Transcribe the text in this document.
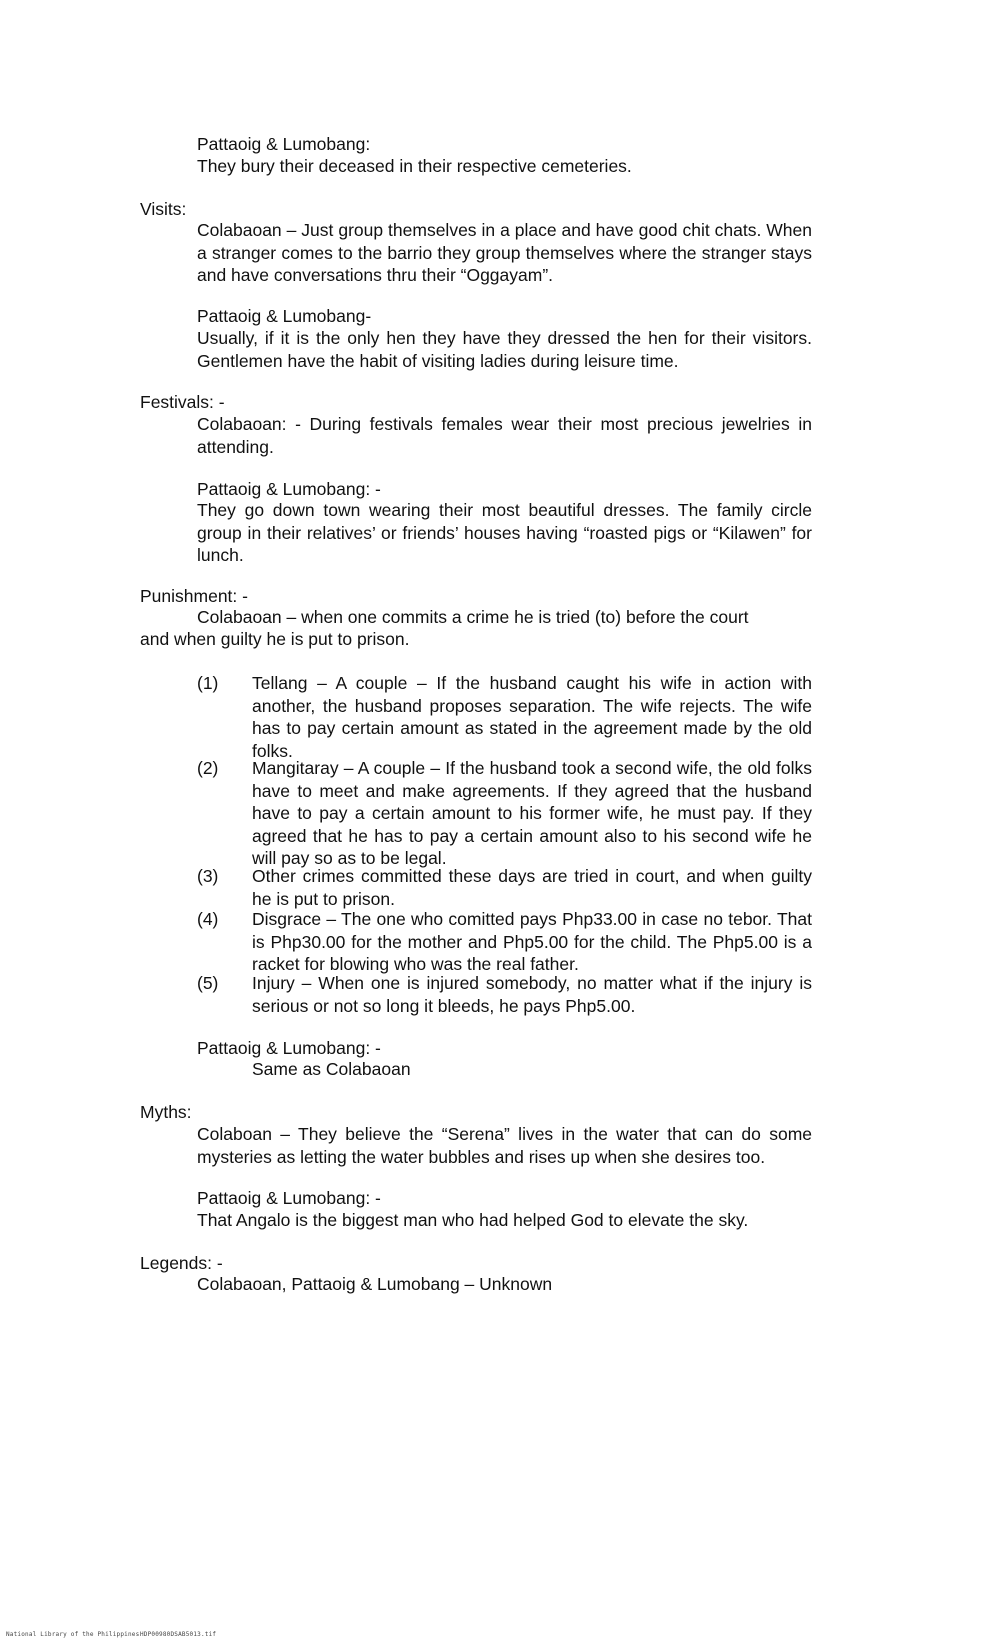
Pattaoig & Lumobang:
They bury their deceased in their respective cemeteries.
Visits:
Colabaoan – Just group themselves in a place and have good chit chats. When a stranger comes to the barrio they group themselves where the stranger stays and have conversations thru their “Oggayam”.
Pattaoig & Lumobang-
Usually, if it is the only hen they have they dressed the hen for their visitors. Gentlemen have the habit of visiting ladies during leisure time.
Festivals: -
Colabaoan: - During festivals females wear their most precious jewelries in attending.
Pattaoig & Lumobang: -
They go down town wearing their most beautiful dresses. The family circle group in their relatives’ or friends’ houses having “roasted pigs or “Kilawen” for lunch.
Punishment: -
Colabaoan – when one commits a crime he is tried (to) before the court
and when guilty he is put to prison.
(1) Tellang – A couple – If the husband caught his wife in action with another, the husband proposes separation. The wife rejects. The wife has to pay certain amount as stated in the agreement made by the old folks.
(2) Mangitaray – A couple – If the husband took a second wife, the old folks have to meet and make agreements. If they agreed that the husband have to pay a certain amount to his former wife, he must pay. If they agreed that he has to pay a certain amount also to his second wife he will pay so as to be legal.
(3) Other crimes committed these days are tried in court, and when guilty he is put to prison.
(4) Disgrace – The one who comitted pays Php33.00 in case no tebor. That is Php30.00 for the mother and Php5.00 for the child. The Php5.00 is a racket for blowing who was the real father.
(5) Injury – When one is injured somebody, no matter what if the injury is serious or not so long it bleeds, he pays Php5.00.
Pattaoig & Lumobang: -
Same as Colabaoan
Myths:
Colaboan – They believe the “Serena” lives in the water that can do some mysteries as letting the water bubbles and rises up when she desires too.
Pattaoig & Lumobang: -
That Angalo is the biggest man who had helped God to elevate the sky.
Legends: -
Colabaoan, Pattaoig & Lumobang – Unknown
National Library of the Philippines HDP00980DSAB5013.tif
